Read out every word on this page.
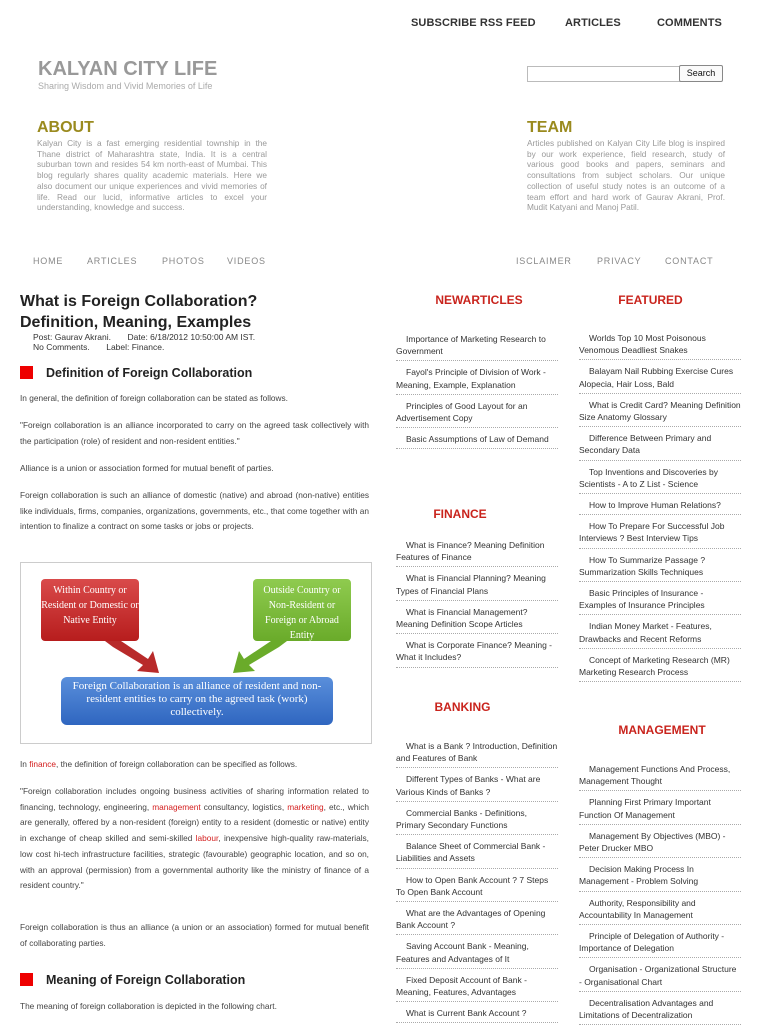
SUBSCRIBE RSS FEED	ARTICLES	COMMENTS
KALYAN CITY LIFE
Sharing Wisdom and Vivid Memories of Life
Search
ABOUT
Kalyan City is a fast emerging residential township in the Thane district of Maharashtra state, India. It is a central suburban town and resides 54 km north-east of Mumbai. This blog regularly shares quality academic materials. Here we also document our unique experiences and vivid memories of life. Read our lucid, informative articles to excel your understanding, knowledge and success.
TEAM
Articles published on Kalyan City Life blog is inspired by our work experience, field research, study of various good books and papers, seminars and consultations from subject scholars. Our unique collection of useful study notes is an outcome of a team effort and hard work of Gaurav Akrani, Prof. Mudit Katyani and Manoj Patil.
HOME	ARTICLES	PHOTOS VIDEOS	ISCLAIMER	PRIVACY	CONTACT
What is Foreign Collaboration?
Definition, Meaning, Examples
Post: Gaurav Akrani.       Date: 6/18/2012 10:50:00 AM IST.
No Comments.       Label: Finance.
Definition of Foreign Collaboration
In general, the definition of foreign collaboration can be stated as follows.
"Foreign collaboration is an alliance incorporated to carry on the agreed task collectively with the participation (role) of resident and non-resident entities."
Alliance is a union or association formed for mutual benefit of parties.
Foreign collaboration is such an alliance of domestic (native) and abroad (non-native) entities like individuals, firms, companies, organizations, governments, etc., that come together with an intention to finalize a contract on some tasks or jobs or projects.
Within Country or Resident or Domestic or Native Entity
Outside Country or Non-Resident or Foreign or Abroad Entity
Foreign Collaboration is an alliance of resident and non-resident entities to carry on the agreed task (work) collectively.
In finance, the definition of foreign collaboration can be specified as follows.
"Foreign collaboration includes ongoing business activities of sharing information related to financing, technology, engineering, management consultancy, logistics, marketing, etc., which are generally, offered by a non-resident (foreign) entity to a resident (domestic or native) entity in exchange of cheap skilled and semi-skilled labour, inexpensive high-quality raw-materials, low cost hi-tech infrastructure facilities, strategic (favourable) geographic location, and so on, with an approval (permission) from a governmental authority like the ministry of finance of a resident country."
Foreign collaboration is thus an alliance (a union or an association) formed for mutual benefit of collaborating parties.
Meaning of Foreign Collaboration
The meaning of foreign collaboration is depicted in the following chart.
NEWARTICLES
Importance of Marketing Research to Government
Fayol's Principle of Division of Work - Meaning, Example, Explanation
Principles of Good Layout for an Advertisement Copy
Basic Assumptions of Law of Demand
FINANCE
What is Finance? Meaning Definition Features of Finance
What is Financial Planning? Meaning Types of Financial Plans
What is Financial Management? Meaning Definition Scope Articles
What is Corporate Finance? Meaning - What it Includes?
BANKING
What is a Bank ? Introduction, Definition and Features of Bank
Different Types of Banks - What are Various Kinds of Banks ?
Commercial Banks - Definitions, Primary Secondary Functions
Balance Sheet of Commercial Bank - Liabilities and Assets
How to Open Bank Account ? 7 Steps To Open Bank Account
What are the Advantages of Opening Bank Account ?
Saving Account Bank - Meaning, Features and Advantages of It
Fixed Deposit Account of Bank - Meaning, Features, Advantages
What is Current Bank Account ?
FEATURED
Worlds Top 10 Most Poisonous Venomous Deadliest Snakes
Balayam Nail Rubbing Exercise Cures Alopecia, Hair Loss, Bald
What is Credit Card? Meaning Definition Size Anatomy Glossary
Difference Between Primary and Secondary Data
Top Inventions and Discoveries by Scientists - A to Z List - Science
How to Improve Human Relations?
How To Prepare For Successful Job Interviews ? Best Interview Tips
How To Summarize Passage ? Summarization Skills Techniques
Basic Principles of Insurance - Examples of Insurance Principles
Indian Money Market - Features, Drawbacks and Recent Reforms
Concept of Marketing Research (MR) Marketing Research Process
MANAGEMENT
Management Functions And Process, Management Thought
Planning First Primary Important Function Of Management
Management By Objectives (MBO) - Peter Drucker MBO
Decision Making Process In Management - Problem Solving
Authority, Responsibility and Accountability In Management
Principle of Delegation of Authority - Importance of Delegation
Organisation - Organizational Structure - Organisational Chart
Decentralisation Advantages and Limitations of Decentralization
